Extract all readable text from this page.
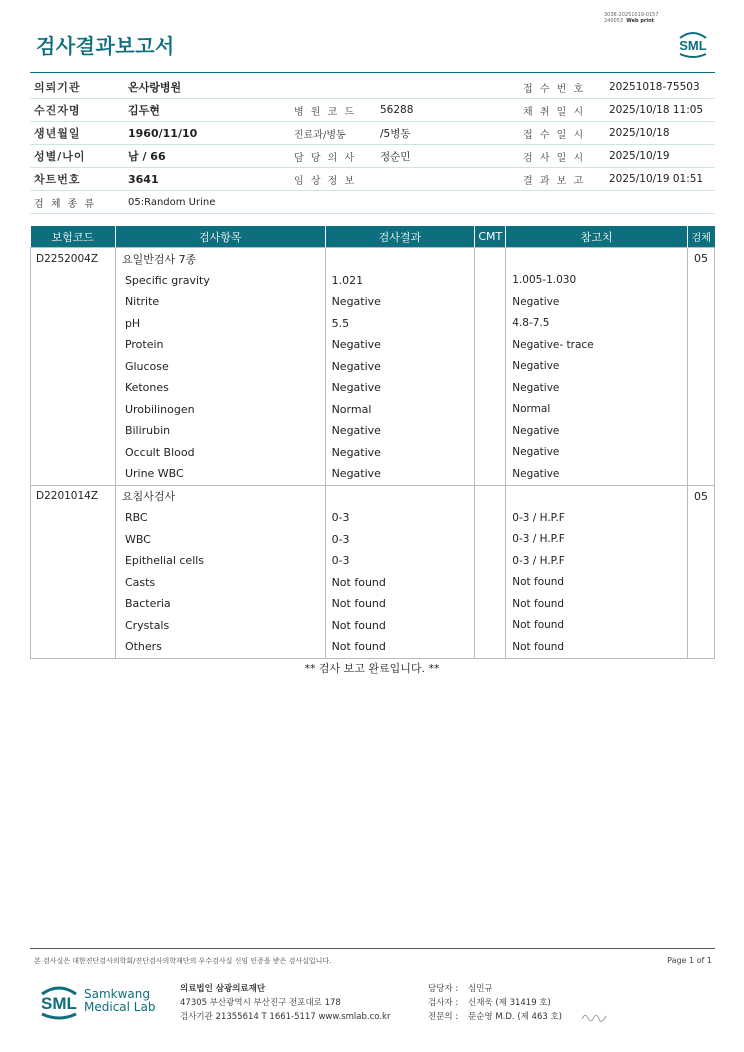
검사결과보고서
3038-20251019-0157
240053 Web print
SML
의뢰기관	온사랑병원			접 수 번 호	20251018-75503
수진자명	김두현	병 원 코 드	56288	채 취 일 시	2025/10/18 11:05
생년월일	1960/11/10	진료과/병동	/5병동	접 수 일 시	2025/10/18
성별/나이	남 / 66	담 당 의 사	정순민	검 사 일 시	2025/10/19
차트번호	3641	임 상 정 보		결 과 보 고	2025/10/19 01:51
검 체 종 류	05:Random Urine				
보험코드	검사항목	검사결과	CMT	참고치	검체
D2252004Z	요일반검사 7종				05
	Specific gravity	1.021		1.005-1.030	
	Nitrite	Negative		Negative	
	pH	5.5		4.8-7.5	
	Protein	Negative		Negative- trace	
	Glucose	Negative		Negative	
	Ketones	Negative		Negative	
	Urobilinogen	Normal		Normal	
	Bilirubin	Negative		Negative	
	Occult Blood	Negative		Negative	
	Urine WBC	Negative		Negative	
D2201014Z	요침사검사				05
	RBC	0-3		0-3 / H.P.F	
	WBC	0-3		0-3 / H.P.F	
	Epithelial cells	0-3		0-3 / H.P.F	
	Casts	Not found		Not found	
	Bacteria	Not found		Not found	
	Crystals	Not found		Not found	
	Others	Not found		Not found	
** 검사 보고 완료입니다. **
본 검사실은 대한진단검사의학회/진단검사의학재단의 우수검사실 신임 인증을 받은 검사실입니다.	Page 1 of 1
SML Samkwang
Medical Lab
의료법인 삼광의료재단
47305 부산광역시 부산진구 전포대로 178
검사기관 21355614 T 1661-5117 www.smlab.co.kr
담당자 : 심민규
검사자 : 신재욱 (제 31419 호)
전문의 : 문순영 M.D. (제 463 호)
